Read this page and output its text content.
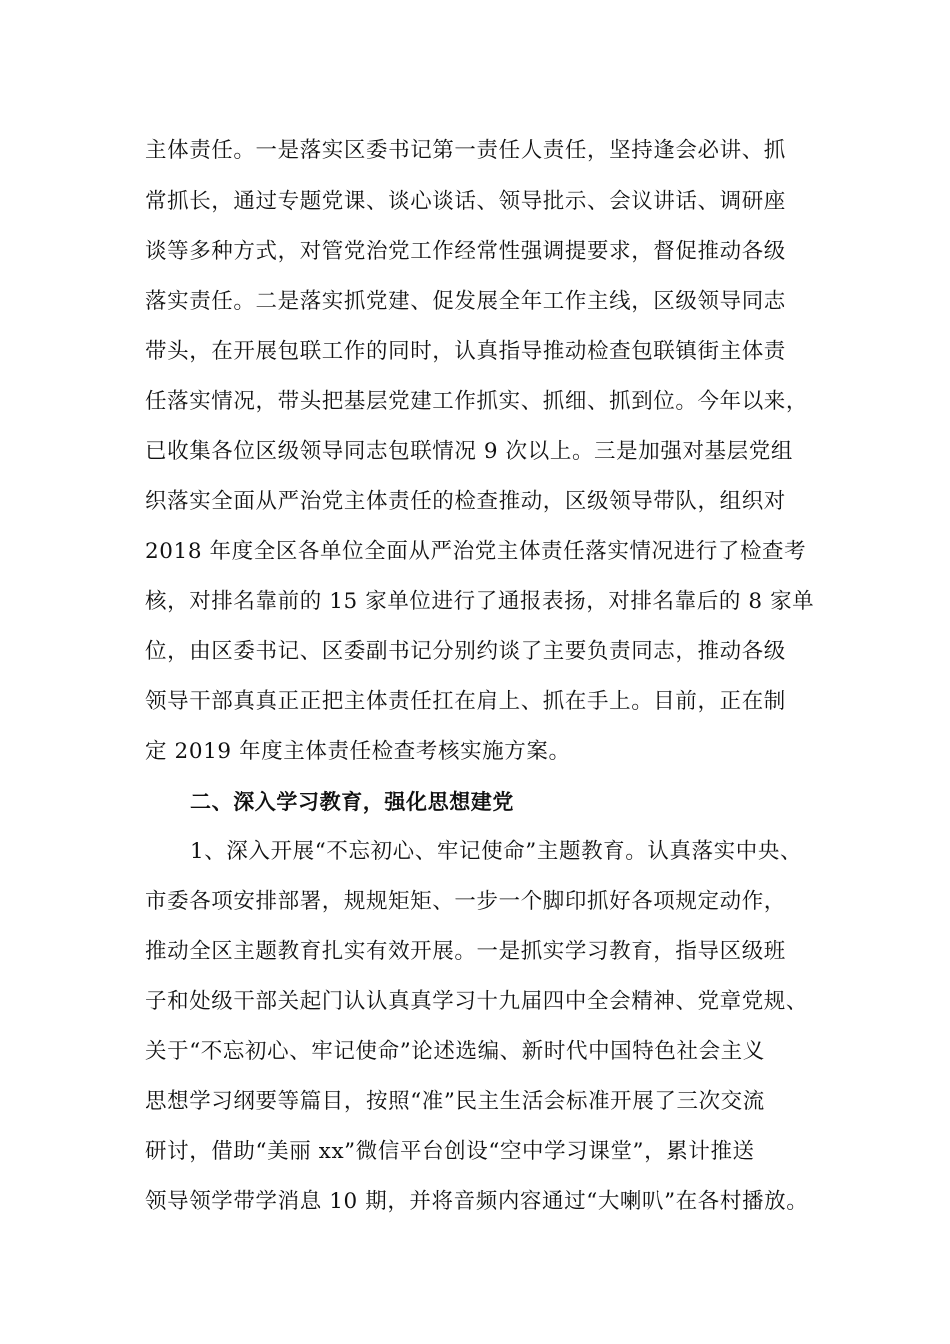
主体责任。一是落实区委书记第一责任人责任，坚持逢会必讲、抓
常抓长，通过专题党课、谈心谈话、领导批示、会议讲话、调研座
谈等多种方式，对管党治党工作经常性强调提要求，督促推动各级
落实责任。二是落实抓党建、促发展全年工作主线，区级领导同志
带头，在开展包联工作的同时，认真指导推动检查包联镇街主体责
任落实情况，带头把基层党建工作抓实、抓细、抓到位。今年以来，
已收集各位区级领导同志包联情况 9 次以上。三是加强对基层党组
织落实全面从严治党主体责任的检查推动，区级领导带队，组织对
2018 年度全区各单位全面从严治党主体责任落实情况进行了检查考
核，对排名靠前的 15 家单位进行了通报表扬，对排名靠后的 8 家单
位，由区委书记、区委副书记分别约谈了主要负责同志，推动各级
领导干部真真正正把主体责任扛在肩上、抓在手上。目前，正在制
定 2019 年度主体责任检查考核实施方案。
二、深入学习教育，强化思想建党
1、深入开展“不忘初心、牢记使命”主题教育。认真落实中央、
市委各项安排部署，规规矩矩、一步一个脚印抓好各项规定动作，
推动全区主题教育扎实有效开展。一是抓实学习教育，指导区级班
子和处级干部关起门认认真真学习十九届四中全会精神、党章党规、
关于“不忘初心、牢记使命”论述选编、新时代中国特色社会主义
思想学习纲要等篇目，按照“准”民主生活会标准开展了三次交流
研讨，借助“美丽 xx”微信平台创设“空中学习课堂”，累计推送
领导领学带学消息 10 期，并将音频内容通过“大喇叭”在各村播放。
